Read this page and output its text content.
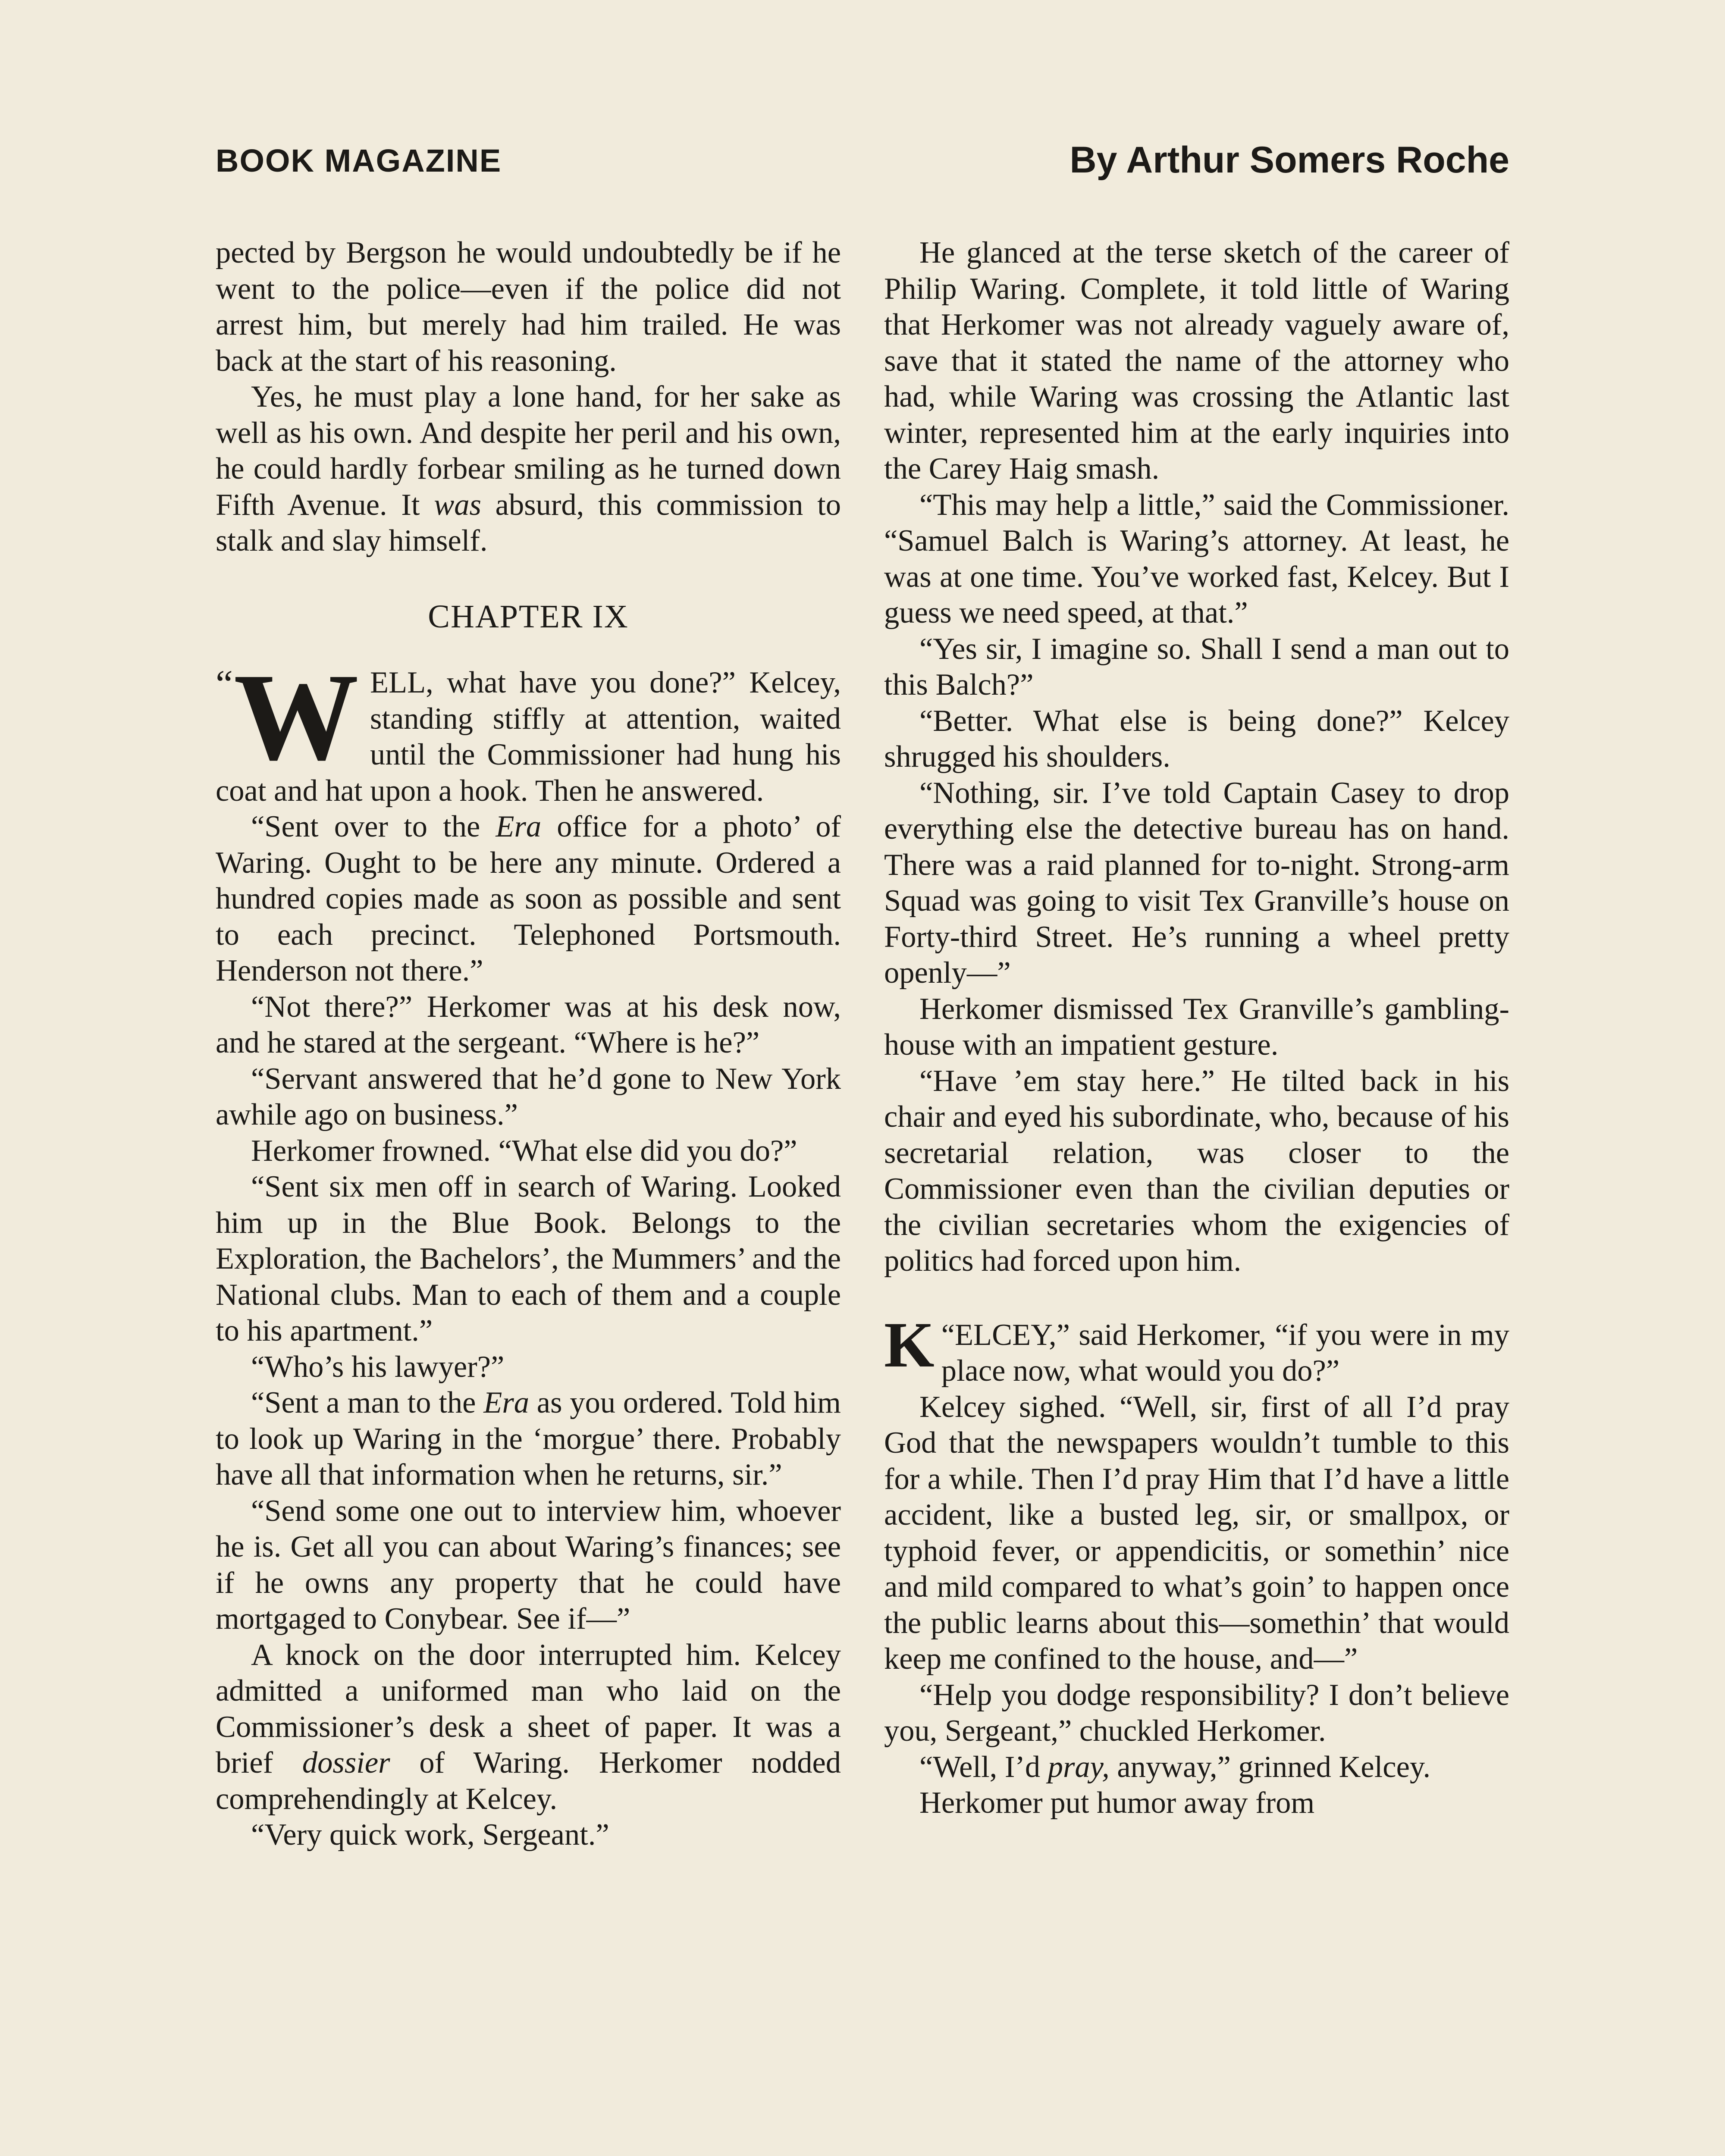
BOOK MAGAZINE	By Arthur Somers Roche

pected by Bergson he would undoubtedly be if he went to the police—even if the police did not arrest him, but merely had him trailed. He was back at the start of his reasoning.

Yes, he must play a lone hand, for her sake as well as his own. And despite her peril and his own, he could hardly forbear smiling as he turned down Fifth Avenue. It was absurd, this commission to stalk and slay himself.

CHAPTER IX

“ W ELL, what have you done?” Kelcey, standing stiffly at attention, waited until the Commissioner had hung his coat and hat upon a hook. Then he answered.

“Sent over to the Era office for a photo’ of Waring. Ought to be here any minute. Ordered a hundred copies made as soon as possible and sent to each precinct. Telephoned Portsmouth. Henderson not there.”

“Not there?” Herkomer was at his desk now, and he stared at the sergeant. “Where is he?”

“Servant answered that he’d gone to New York awhile ago on business.”

Herkomer frowned. “What else did you do?”

“Sent six men off in search of Waring. Looked him up in the Blue Book. Belongs to the Exploration, the Bachelors’, the Mummers’ and the National clubs. Man to each of them and a couple to his apartment.”

“Who’s his lawyer?”

“Sent a man to the Era as you ordered. Told him to look up Waring in the ‘morgue’ there. Probably have all that information when he returns, sir.”

“Send some one out to interview him, whoever he is. Get all you can about Waring’s finances; see if he owns any property that he could have mortgaged to Conybear. See if—”

A knock on the door interrupted him. Kelcey admitted a uniformed man who laid on the Commissioner’s desk a sheet of paper. It was a brief dossier of Waring. Herkomer nodded comprehendingly at Kelcey.

“Very quick work, Sergeant.”

He glanced at the terse sketch of the career of Philip Waring. Complete, it told little of Waring that Herkomer was not already vaguely aware of, save that it stated the name of the attorney who had, while Waring was crossing the Atlantic last winter, represented him at the early inquiries into the Carey Haig smash.

“This may help a little,” said the Commissioner. “Samuel Balch is Waring’s attorney. At least, he was at one time. You’ve worked fast, Kelcey. But I guess we need speed, at that.”

“Yes sir, I imagine so. Shall I send a man out to this Balch?”

“Better. What else is being done?” Kelcey shrugged his shoulders.

“Nothing, sir. I’ve told Captain Casey to drop everything else the detective bureau has on hand. There was a raid planned for to-night. Strong-arm Squad was going to visit Tex Granville’s house on Forty-third Street. He’s running a wheel pretty openly—”

Herkomer dismissed Tex Granville’s gambling-house with an impatient gesture.

“Have ’em stay here.” He tilted back in his chair and eyed his subordinate, who, because of his secretarial relation, was closer to the Commissioner even than the civilian deputies or the civilian secretaries whom the exigencies of politics had forced upon him.

“
K ELCEY,” said Herkomer, “if you were in my place now, what would you do?”

Kelcey sighed. “Well, sir, first of all I’d pray God that the newspapers wouldn’t tumble to this for a while. Then I’d pray Him that I’d have a little accident, like a busted leg, sir, or smallpox, or typhoid fever, or appendicitis, or somethin’ nice and mild compared to what’s goin’ to happen once the public learns about this—somethin’ that would keep me confined to the house, and—”

“Help you dodge responsibility? I don’t believe you, Sergeant,” chuckled Herkomer.

“Well, I’d pray, anyway,” grinned Kelcey.

Herkomer put humor away from
